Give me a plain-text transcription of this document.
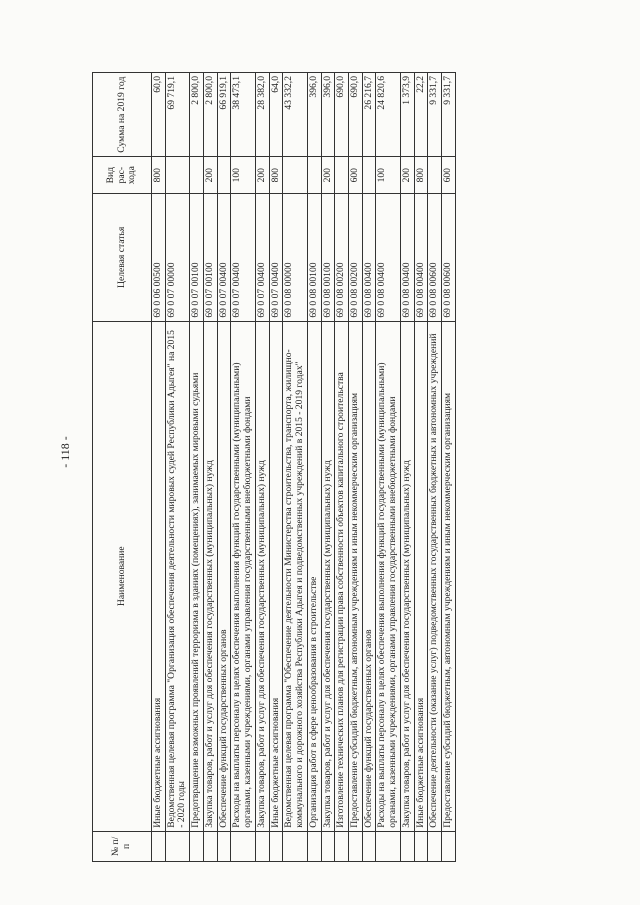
- 118 -
№ п/п	Наименование	Целевая статья	Вид рас-хода	Сумма на 2019 год
	Иные бюджетные ассигнования	69 0 06 00500	800	60,0
	Ведомственная целевая программа "Организация обеспечения деятельности мировых судей Республики Адыгея" на 2015 - 2020 годы	69 0 07 00000		69 719,1
	Предотвращение возможных проявлений терроризма в зданиях (помещениях), занимаемых мировыми судьями	69 0 07 00100		2 800,0
	Закупка товаров, работ и услуг для обеспечения государственных (муниципальных) нужд	69 0 07 00100	200	2 800,0
	Обеспечение функций государственных органов	69 0 07 00400		66 919,1
	Расходы на выплаты персоналу в целях обеспечения выполнения функций государственными (муниципальными) органами, казенными учреждениями, органами управления государственными внебюджетными фондами	69 0 07 00400	100	38 473,1
	Закупка товаров, работ и услуг для обеспечения государственных (муниципальных) нужд	69 0 07 00400	200	28 382,0
	Иные бюджетные ассигнования	69 0 07 00400	800	64,0
	Ведомственная целевая программа "Обеспечение деятельности Министерства строительства, транспорта, жилищно-коммунального и дорожного хозяйства Республики Адыгея и подведомственных учреждений в 2015 - 2019 годах"	69 0 08 00000		43 332,2
	Организация работ в сфере ценообразования в строительстве	69 0 08 00100		396,0
	Закупка товаров, работ и услуг для обеспечения государственных (муниципальных) нужд	69 0 08 00100	200	396,0
	Изготовление технических планов для регистрации права собственности объектов капитального строительства	69 0 08 00200		690,0
	Предоставление субсидий бюджетным, автономным учреждениям и иным некоммерческим организациям	69 0 08 00200	600	690,0
	Обеспечение функций государственных органов	69 0 08 00400		26 216,7
	Расходы на выплаты персоналу в целях обеспечения выполнения функций государственными (муниципальными) органами, казенными учреждениями, органами управления государственными внебюджетными фондами	69 0 08 00400	100	24 820,6
	Закупка товаров, работ и услуг для обеспечения государственных (муниципальных) нужд	69 0 08 00400	200	1 373,9
	Иные бюджетные ассигнования	69 0 08 00400	800	22,2
	Обеспечение деятельности (оказание услуг) подведомственных государственных бюджетных и автономных учреждений	69 0 08 00600		9 331,7
	Предоставление субсидий бюджетным, автономным учреждениям и иным некоммерческим организациям	69 0 08 00600	600	9 331,7
